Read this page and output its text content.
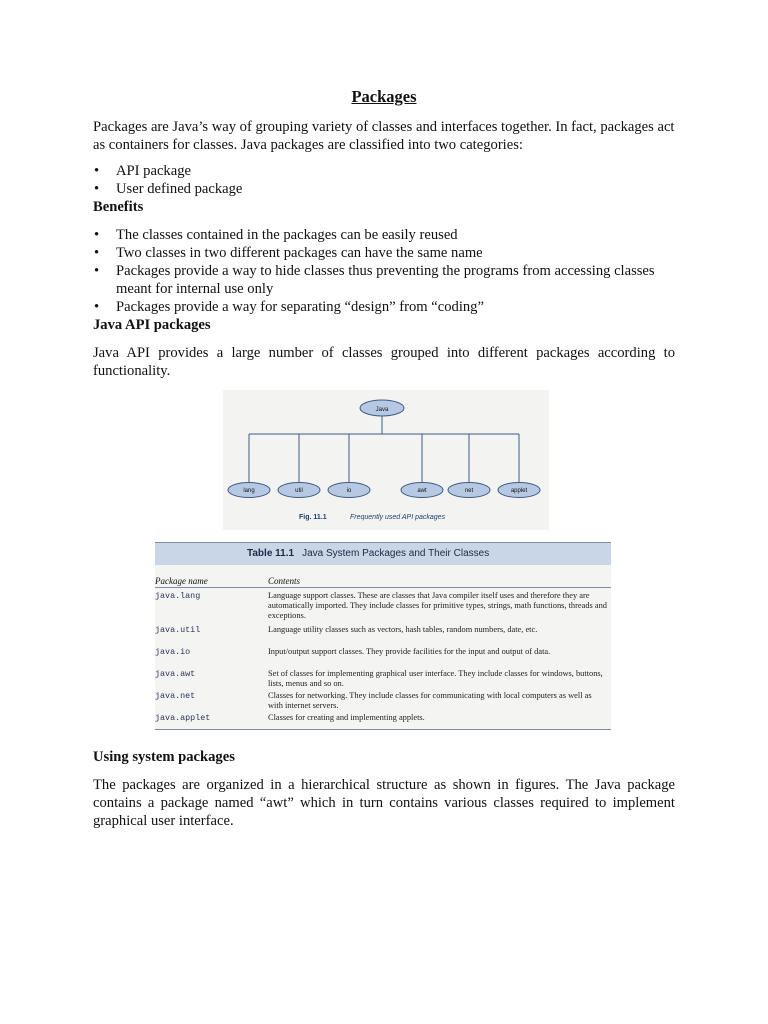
Packages

Packages are Java’s way of grouping variety of classes and interfaces together. In fact, packages act as containers for classes. Java packages are classified into two categories:

• API package
• User defined package

Benefits

• The classes contained in the packages can be easily reused
• Two classes in two different packages can have the same name
• Packages provide a way to hide classes thus preventing the programs from accessing classes meant for internal use only
• Packages provide a way for separating “design” from “coding”

Java API packages

Java API provides a large number of classes grouped into different packages according to functionality.

Java
lang	util	io	awt	net	applet
Fig. 11.1	Frequently used API packages
Table 11.1 Java System Packages and Their Classes
Package name	Contents
java.lang	Language support classes. These are classes that Java compiler itself uses and therefore they are automatically imported. They include classes for primitive types, strings, math functions, threads and exceptions.
java.util	Language utility classes such as vectors, hash tables, random numbers, date, etc.
java.io	Input/output support classes. They provide facilities for the input and output of data.
java.awt	Set of classes for implementing graphical user interface. They include classes for windows, buttons, lists, menus and so on.
java.net	Classes for networking. They include classes for communicating with local computers as well as with internet servers.
java.applet	Classes for creating and implementing applets.

Using system packages

The packages are organized in a hierarchical structure as shown in figures. The Java package contains a package named “awt” which in turn contains various classes required to implement graphical user interface.
